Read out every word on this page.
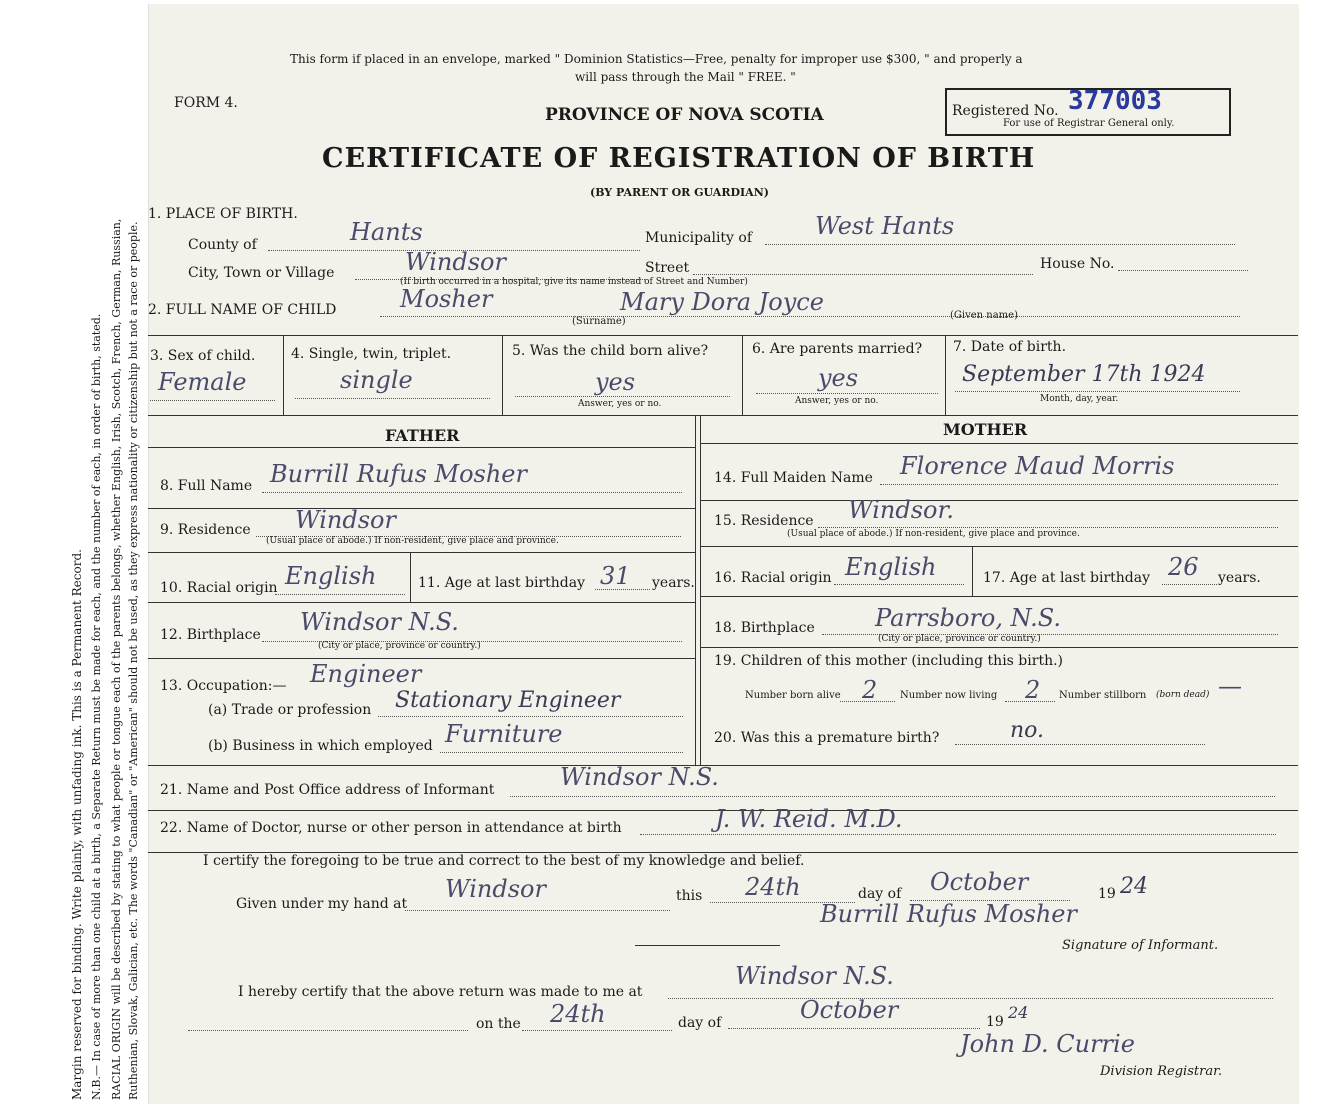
Margin reserved for binding. Write plainly, with unfading ink. This is a Permanent Record. N.B.— In case of more than one child at a birth, a Separate Return must be made for each, and the number of each, in order of birth, stated. RACIAL ORIGIN will be described by stating to what people or tongue each of the parents belongs, whether English, Irish, Scotch, French, German, Russian, Ruthenian, Slovak, Galician, etc. The words "Canadian" or "American" should not be used, as they express nationality or citizenship but not a race or people.
This form if placed in an envelope, marked " Dominion Statistics—Free, penalty for improper use $300, " and properly a
will pass through the Mail " FREE. "
FORM 4.
PROVINCE OF NOVA SCOTIA
CERTIFICATE OF REGISTRATION OF BIRTH
(BY PARENT OR GUARDIAN)
Registered No. 377003
For use of Registrar General only.
1. PLACE OF BIRTH.
County of	Hants	Municipality of	West Hants
City, Town or Village	Windsor	Street	House No.
(If birth occurred in a hospital, give its name instead of Street and Number)
2. FULL NAME OF CHILD	Mosher	Mary Dora Joyce
(Surname)
(Given name)
3. Sex of child.
Female
4. Single, twin, triplet.
single
5. Was the child born alive?
yes
Answer, yes or no.
6. Are parents married?
yes
Answer, yes or no.
7. Date of birth.
September 17th 1924
Month, day, year.
FATHER	MOTHER
8. Full Name Burrill Rufus Mosher
9. Residence Windsor
(Usual place of abode.) If non-resident, give place and province.
10. Racial origin English	11. Age at last birthday 31 years.
12. Birthplace Windsor N.S.
(City or place, province or country.)
13. Occupation:— Engineer
(a) Trade or profession Stationary Engineer
(b) Business in which employed Furniture
14. Full Maiden Name Florence Maud Morris
15. Residence Windsor.
(Usual place of abode.) If non-resident, give place and province.
16. Racial origin English	17. Age at last birthday 26 years.
18. Birthplace	Parrsboro, N.S.
(City or place, province or country.)
19. Children of this mother (including this birth.)
Number born alive 2 Number now living 2 Number stillborn (born dead) —
20. Was this a premature birth?	no.
21. Name and Post Office address of Informant	Windsor N.S.
22. Name of Doctor, nurse or other person in attendance at birth	J. W. Reid. M.D.
I certify the foregoing to be true and correct to the best of my knowledge and belief.
Given under my hand at
Windsor	this 24th	day of October	19 24
Burrill Rufus Mosher
Signature of Informant.
I hereby certify that the above return was made to me at
Windsor N.S.
on the 24th	day of	October	19 24
John D. Currie
Division Registrar.
